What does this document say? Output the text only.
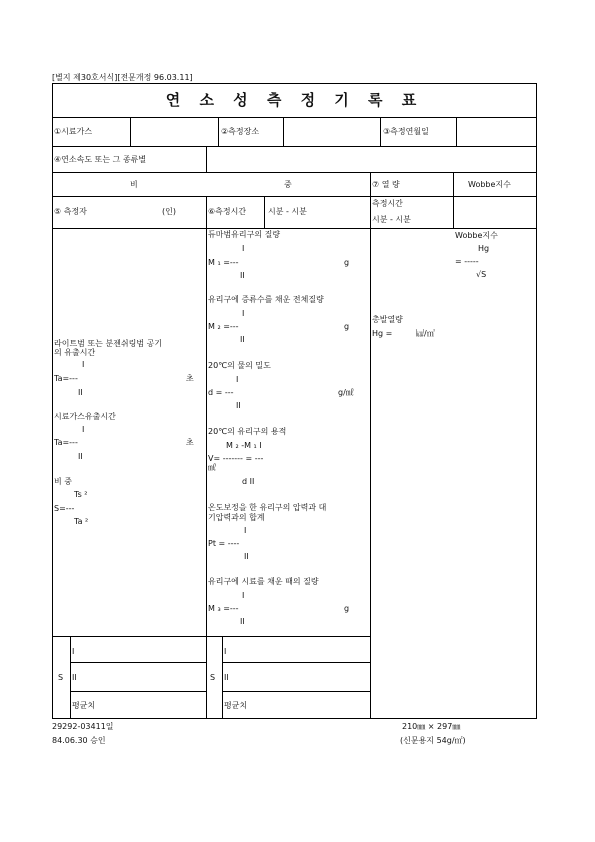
[별지 제30호서식][전문개정 96.03.11]
연 소 성 측 정 기 록 표
①시료가스	②측정장소	③측정연월일
④연소속도 또는 그 종류별
비	중	⑦ 열 량	Wobbe지수
⑤ 측정자	(인)	⑥측정시간	시분 - 시분
측정시간
시분 - 시분
라이트범 또는 분젠쉬링범 공기
의 유출시간
I
Ta=---	초
II
시료가스유출시간
I
Ta=---	초
II
비 중
Ts ²
S=---
Ta ²
듀마범유리구의 질량
I
M ₁ =---	g
II
유리구에 증류수를 채운 전체질량
I
M ₂ =---	g
II
20℃의 물의 밀도
I
d = ---	g/㎖
II
20℃의 유리구의 용적
M ₂ -M ₁ I
V= ------- = ---
㎖
d II
온도보정을 한 유리구의 압력과 대
기압력과의 합계
I
Pt = ----
II
유리구에 시료를 채운 때의 질량
I
M ₃ =---	g
II
총발열량
Hg =	㎉/㎥
Wobbe지수
Hg
= -----
√S
S
I
II
평균치
S
I
II
평균치
29292-03411일
84.06.30 승인
210㎜ × 297㎜
(신문용지 54g/㎡)
